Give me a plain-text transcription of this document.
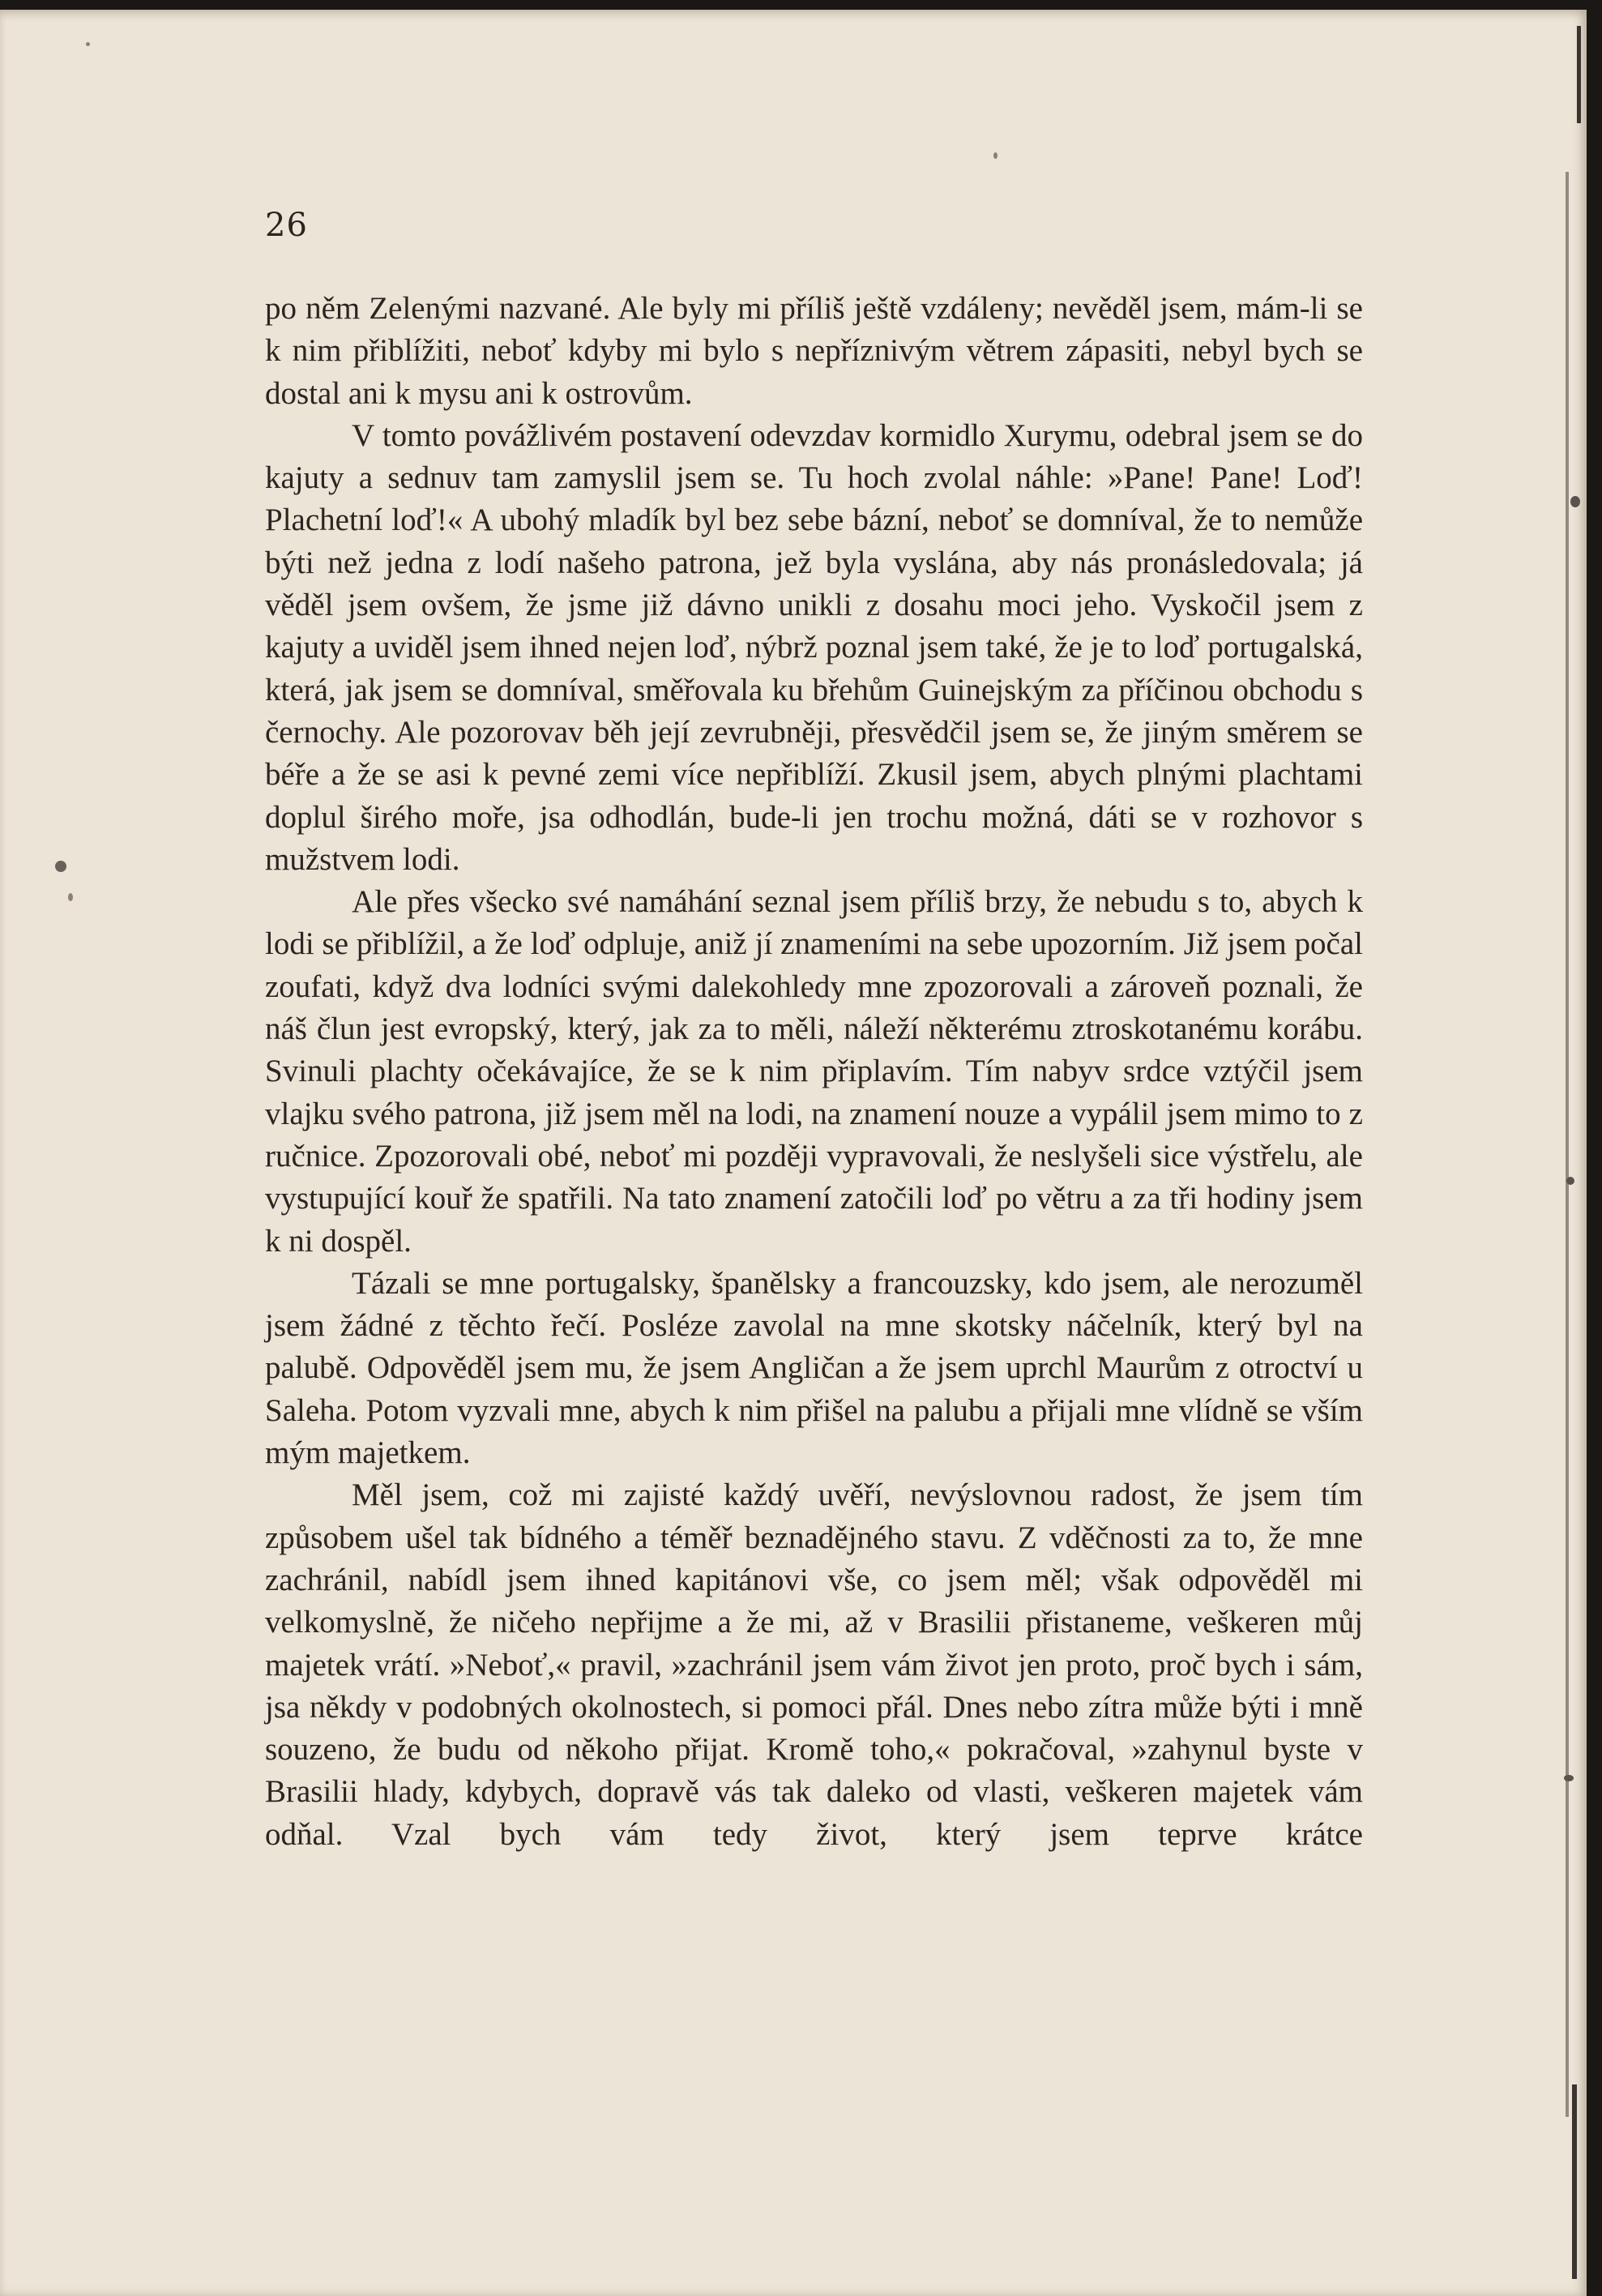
26

po něm Zelenými nazvané. Ale byly mi příliš ještě vzdáleny; nevěděl jsem, mám-li se k nim přiblížiti, neboť kdyby mi bylo s nepříznivým větrem zápasiti, nebyl bych se dostal ani k mysu ani k ostrovům.

V tomto povážlivém postavení odevzdav kormidlo Xurymu, odebral jsem se do kajuty a sednuv tam zamyslil jsem se. Tu hoch zvolal náhle: »Pane! Pane! Loď! Plachetní loď!« A ubohý mladík byl bez sebe bázní, neboť se domníval, že to nemůže býti než jedna z lodí našeho patrona, jež byla vyslána, aby nás pronásledovala; já věděl jsem ovšem, že jsme již dávno unikli z dosahu moci jeho. Vyskočil jsem z kajuty a uviděl jsem ihned nejen loď, nýbrž poznal jsem také, že je to loď portugalská, která, jak jsem se domníval, směřovala ku břehům Guinejským za příčinou obchodu s černochy. Ale pozorovav běh její zevrubněji, přesvědčil jsem se, že jiným směrem se béře a že se asi k pevné zemi více nepřiblíží. Zkusil jsem, abych plnými plachtami doplul širého moře, jsa odhodlán, bude-li jen trochu možná, dáti se v rozhovor s mužstvem lodi.

Ale přes všecko své namáhání seznal jsem příliš brzy, že nebudu s to, abych k lodi se přiblížil, a že loď odpluje, aniž jí znameními na sebe upozorním. Již jsem počal zoufati, když dva lodníci svými dalekohledy mne zpozorovali a zároveň poznali, že náš člun jest evropský, který, jak za to měli, náleží některému ztroskotanému korábu. Svinuli plachty očekávajíce, že se k nim připlavím. Tím nabyv srdce vztýčil jsem vlajku svého patrona, již jsem měl na lodi, na znamení nouze a vypálil jsem mimo to z ručnice. Zpozorovali obé, neboť mi později vypravovali, že neslyšeli sice výstřelu, ale vystupující kouř že spatřili. Na tato znamení zatočili loď po větru a za tři hodiny jsem k ni dospěl.

Tázali se mne portugalsky, španělsky a francouzsky, kdo jsem, ale nerozuměl jsem žádné z těchto řečí. Posléze zavolal na mne skotsky náčelník, který byl na palubě. Odpověděl jsem mu, že jsem Angličan a že jsem uprchl Maurům z otroctví u Saleha. Potom vyzvali mne, abych k nim přišel na palubu a přijali mne vlídně se vším mým majetkem.

Měl jsem, což mi zajisté každý uvěří, nevýslovnou radost, že jsem tím způsobem ušel tak bídného a téměř beznadějného stavu. Z vděčnosti za to, že mne zachránil, nabídl jsem ihned kapitánovi vše, co jsem měl; však odpověděl mi velkomyslně, že ničeho nepřijme a že mi, až v Brasilii přistaneme, veškeren můj majetek vrátí. »Neboť,« pravil, »zachránil jsem vám život jen proto, proč bych i sám, jsa někdy v podobných okolnostech, si pomoci přál. Dnes nebo zítra může býti i mně souzeno, že budu od někoho přijat. Kromě toho,« pokračoval, »zahynul byste v Brasilii hlady, kdybych, dopravě vás tak daleko od vlasti, veškeren majetek vám odňal. Vzal bych vám tedy život, který jsem teprve krátce
